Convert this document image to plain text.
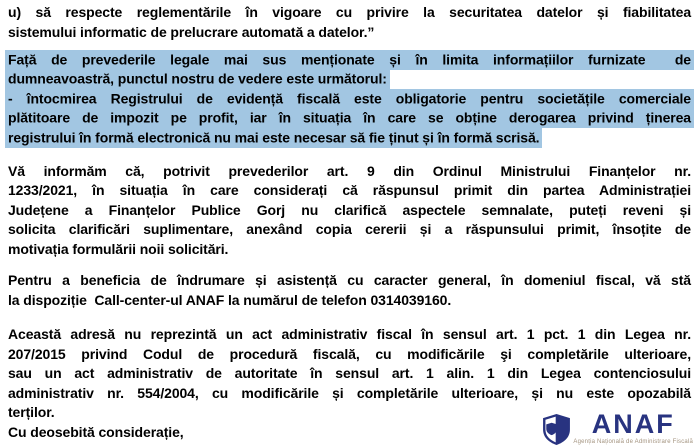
u) să respecte reglementările în vigoare cu privire la securitatea datelor și fiabilitatea
sistemului informatic de prelucrare automată a datelor.”
Față de prevederile legale mai sus menționate și în limita informațiilor furnizate  de
dumneavoastră, punctul nostru de vedere este următorul:
- întocmirea Registrului de evidență fiscală este obligatorie pentru societățile comerciale
plătitoare de impozit pe profit, iar în situația în care se obține derogarea privind ținerea
registrului în formă electronică nu mai este necesar să fie ținut și în formă scrisă.
Vă informăm că, potrivit prevederilor art. 9 din Ordinul Ministrului Finanțelor nr.
1233/2021, în situația în care considerați că răspunsul primit din partea Administrației
Județene a Finanțelor Publice Gorj nu clarifică aspectele semnalate, puteți reveni și
solicita clarificări suplimentare, anexând copia cererii și a răspunsului primit, însoțite de
motivația formulării noii solicitări.
Pentru a beneficia de îndrumare și asistență cu caracter general, în domeniul fiscal, vă stă
la dispoziție  Call-center-ul ANAF la numărul de telefon 0314039160.
Această adresă nu reprezintă un act administrativ fiscal în sensul art. 1 pct. 1 din Legea nr.
207/2015 privind Codul de procedură fiscală, cu modificările şi completările ulterioare,
sau un act administrativ de autoritate în sensul art. 1 alin. 1 din Legea contenciosului
administrativ nr. 554/2004, cu modificările și completările ulterioare, și nu este opozabilă
terților.
Cu deosebită considerație,	ANAF
Agenția Națională de Administrare Fiscală
